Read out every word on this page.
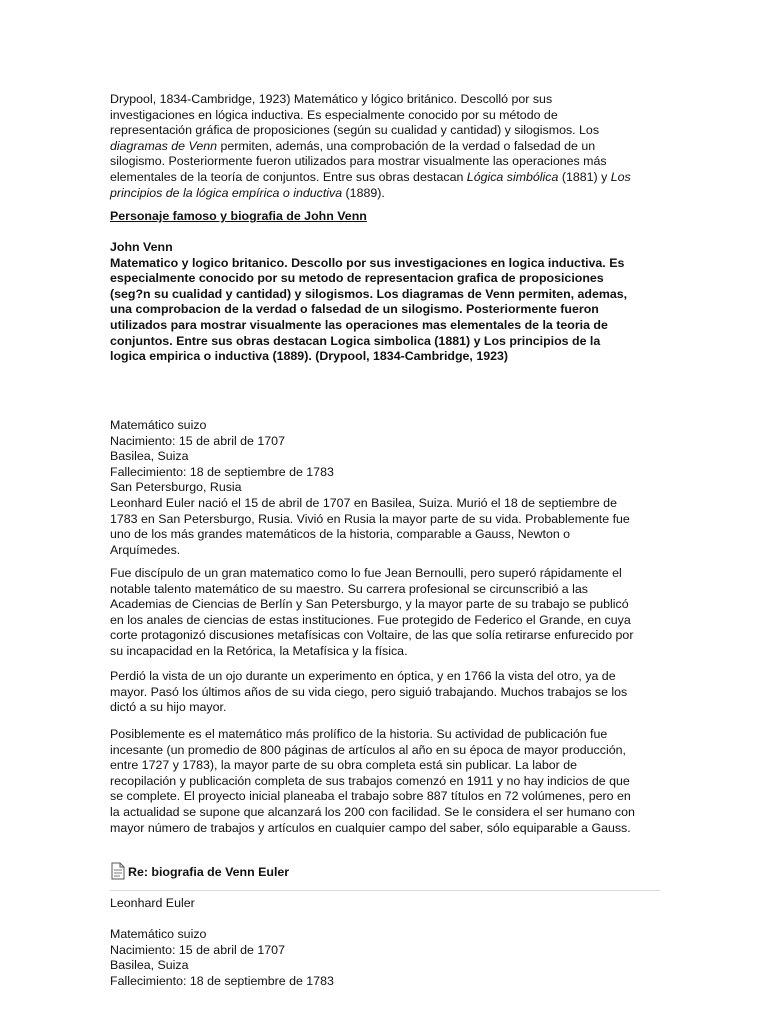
Drypool, 1834-Cambridge, 1923) Matemático y lógico británico. Descolló por sus
investigaciones en lógica inductiva. Es especialmente conocido por su método de
representación gráfica de proposiciones (según su cualidad y cantidad) y silogismos. Los
diagramas de Venn permiten, además, una comprobación de la verdad o falsedad de un
silogismo. Posteriormente fueron utilizados para mostrar visualmente las operaciones más
elementales de la teoría de conjuntos. Entre sus obras destacan Lógica simbólica (1881) y Los
principios de la lógica empírica o inductiva (1889).
Personaje famoso y biografia de John Venn
John Venn
Matematico y logico britanico. Descollo por sus investigaciones en logica inductiva. Es
especialmente conocido por su metodo de representacion grafica de proposiciones
(seg?n su cualidad y cantidad) y silogismos. Los diagramas de Venn permiten, ademas,
una comprobacion de la verdad o falsedad de un silogismo. Posteriormente fueron
utilizados para mostrar visualmente las operaciones mas elementales de la teoria de
conjuntos. Entre sus obras destacan Logica simbolica (1881) y Los principios de la
logica empirica o inductiva (1889). (Drypool, 1834-Cambridge, 1923)
Matemático suizo
Nacimiento: 15 de abril de 1707
Basilea, Suiza
Fallecimiento: 18 de septiembre de 1783
San Petersburgo, Rusia
Leonhard Euler nació el 15 de abril de 1707 en Basilea, Suiza. Murió el 18 de septiembre de
1783 en San Petersburgo, Rusia. Vivió en Rusia la mayor parte de su vida. Probablemente fue
uno de los más grandes matemáticos de la historia, comparable a Gauss, Newton o
Arquímedes.
Fue discípulo de un gran matematico como lo fue Jean Bernoulli, pero superó rápidamente el
notable talento matemático de su maestro. Su carrera profesional se circunscribió a las
Academias de Ciencias de Berlín y San Petersburgo, y la mayor parte de su trabajo se publicó
en los anales de ciencias de estas instituciones. Fue protegido de Federico el Grande, en cuya
corte protagonizó discusiones metafísicas con Voltaire, de las que solía retirarse enfurecido por
su incapacidad en la Retórica, la Metafísica y la física.
Perdió la vista de un ojo durante un experimento en óptica, y en 1766 la vista del otro, ya de
mayor. Pasó los últimos años de su vida ciego, pero siguió trabajando. Muchos trabajos se los
dictó a su hijo mayor.
Posiblemente es el matemático más prolífico de la historia. Su actividad de publicación fue
incesante (un promedio de 800 páginas de artículos al año en su época de mayor producción,
entre 1727 y 1783), la mayor parte de su obra completa está sin publicar. La labor de
recopilación y publicación completa de sus trabajos comenzó en 1911 y no hay indicios de que
se complete. El proyecto inicial planeaba el trabajo sobre 887 títulos en 72 volúmenes, pero en
la actualidad se supone que alcanzará los 200 con facilidad. Se le considera el ser humano con
mayor número de trabajos y artículos en cualquier campo del saber, sólo equiparable a Gauss.
Re: biografia de Venn Euler
Leonhard Euler

Matemático suizo
Nacimiento: 15 de abril de 1707
Basilea, Suiza
Fallecimiento: 18 de septiembre de 1783
